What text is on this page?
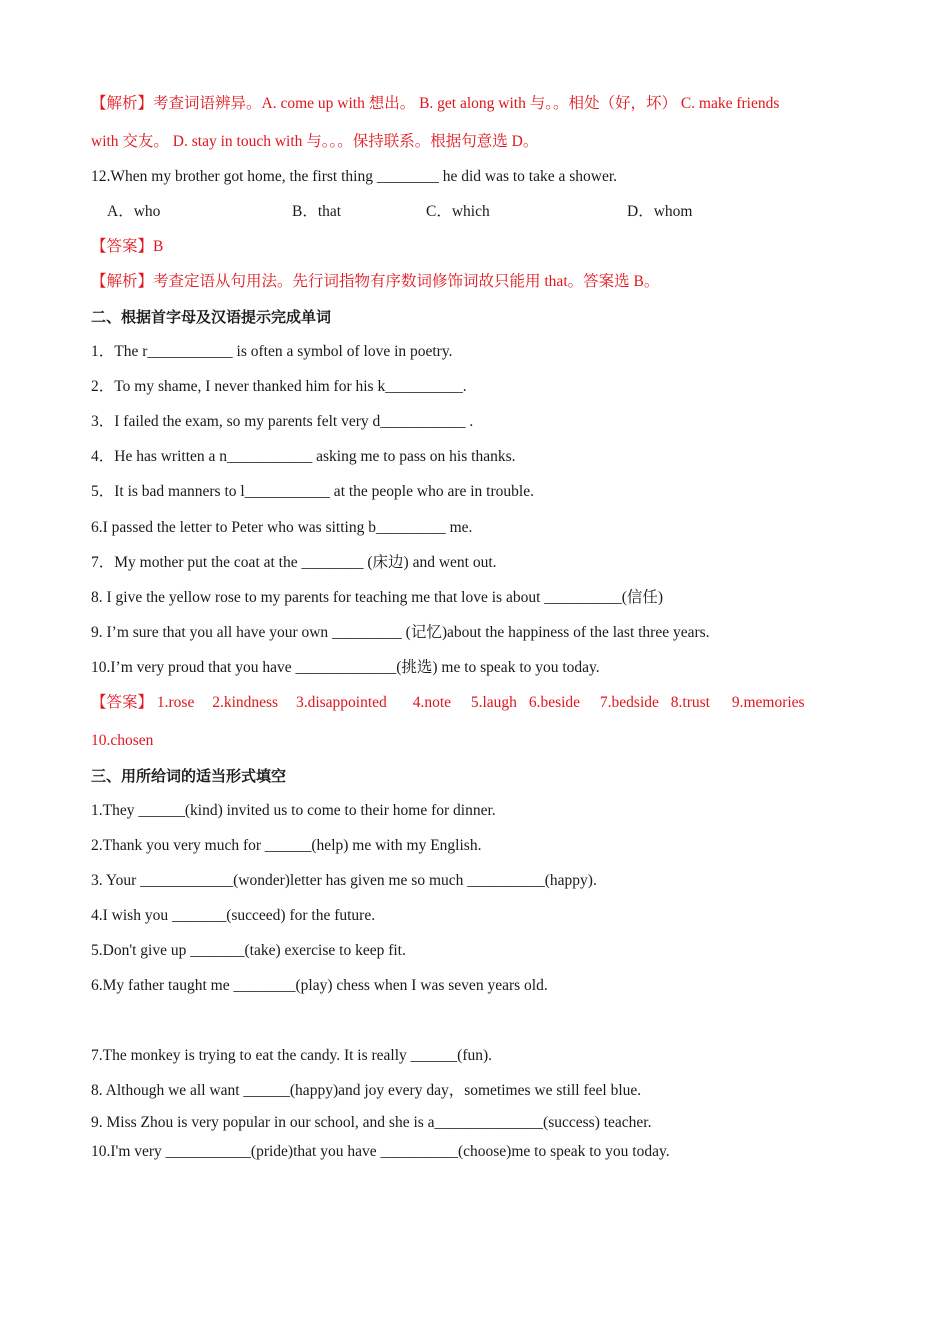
【解析】考查词语辨异。A. come up with 想出。 B. get along with 与。。相处（好，坏） C. make friends
with 交友。 D. stay in touch with 与。。。保持联系。根据句意选 D。
12.When my brother got home, the first thing ________ he did was to take a shower.
A．who	B．that	C．which	D．whom
【答案】B
【解析】考查定语从句用法。先行词指物有序数词修饰词故只能用 that。答案选 B。
二、根据首字母及汉语提示完成单词
1．The r___________ is often a symbol of love in poetry.
2．To my shame, I never thanked him for his k__________.
3．I failed the exam, so my parents felt very d___________ .
4．He has written a n___________ asking me to pass on his thanks.
5．It is bad manners to l___________ at the people who are in trouble.
6.I passed the letter to Peter who was sitting b_________ me.
7．My mother put the coat at the ________ (床边) and went out.
8. I give the yellow rose to my parents for teaching me that love is about __________(信任)
9. I’m sure that you all have your own _________ (记忆)about the happiness of the last three years.
10.I’m very proud that you have _____________(挑选) me to speak to you today.
【答案】 1.rose 2.kindness 3.disappointed 4.note 5.laugh 6.beside 7.bedside 8.trust 9.memories
10.chosen
三、用所给词的适当形式填空
1.They ______(kind) invited us to come to their home for dinner.
2.Thank you very much for ______(help) me with my English.
3. Your ____________(wonder)letter has given me so much __________(happy).
4.I wish you _______(succeed) for the future.
5.Don't give up _______(take) exercise to keep fit.
6.My father taught me ________(play) chess when I was seven years old.
7.The monkey is trying to eat the candy. It is really ______(fun).
8. Although we all want ______(happy)and joy every day，sometimes we still feel blue.
9. Miss Zhou is very popular in our school, and she is a______________(success) teacher.
10.I'm very ___________(pride)that you have __________(choose)me to speak to you today.
